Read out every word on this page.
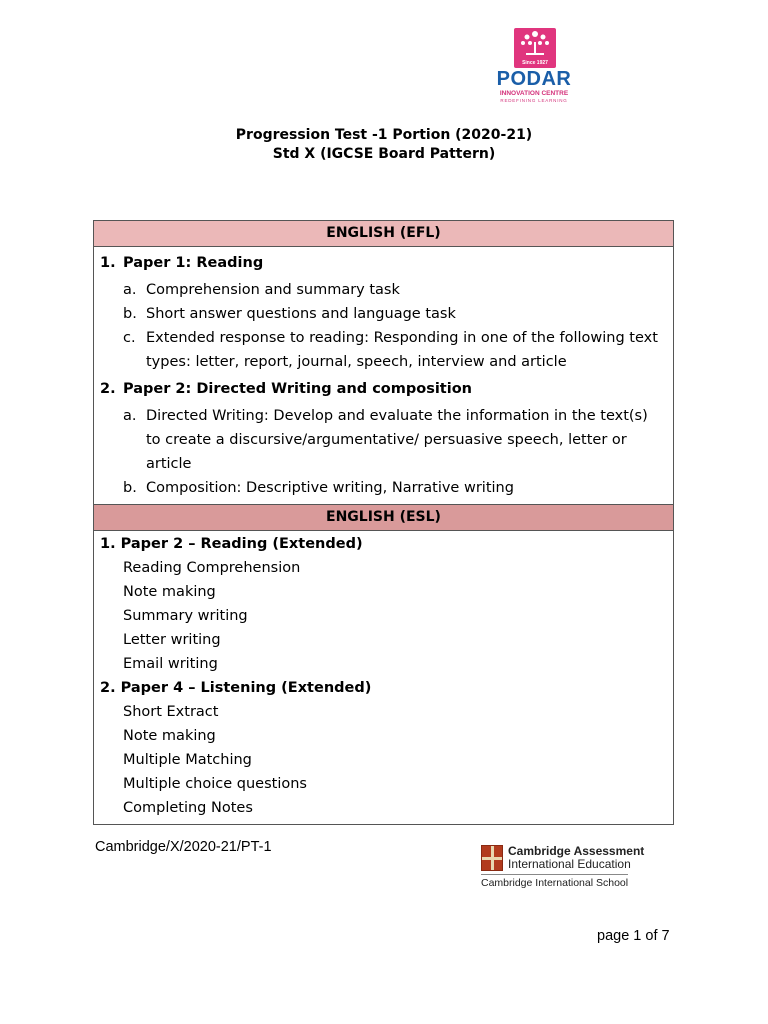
Since 1927
PODAR
INNOVATION CENTRE
REDEFINING LEARNING
Progression Test -1 Portion (2020-21)
Std X (IGCSE Board Pattern)
ENGLISH (EFL)
1. Paper 1: Reading
a. Comprehension and summary task
b. Short answer questions and language task
c. Extended response to reading: Responding in one of the following text types: letter, report, journal, speech, interview and article
2. Paper 2: Directed Writing and composition
a. Directed Writing: Develop and evaluate the information in the text(s) to create a discursive/argumentative/ persuasive speech, letter or article
b. Composition: Descriptive writing, Narrative writing
ENGLISH (ESL)
1. Paper 2 – Reading (Extended)
Reading Comprehension
Note making
Summary writing
Letter writing
Email writing
2. Paper 4 – Listening (Extended)
Short Extract
Note making
Multiple Matching
Multiple choice questions
Completing Notes
Cambridge/X/2020-21/PT-1	Cambridge Assessment
International Education
Cambridge International School
page 1 of 7
